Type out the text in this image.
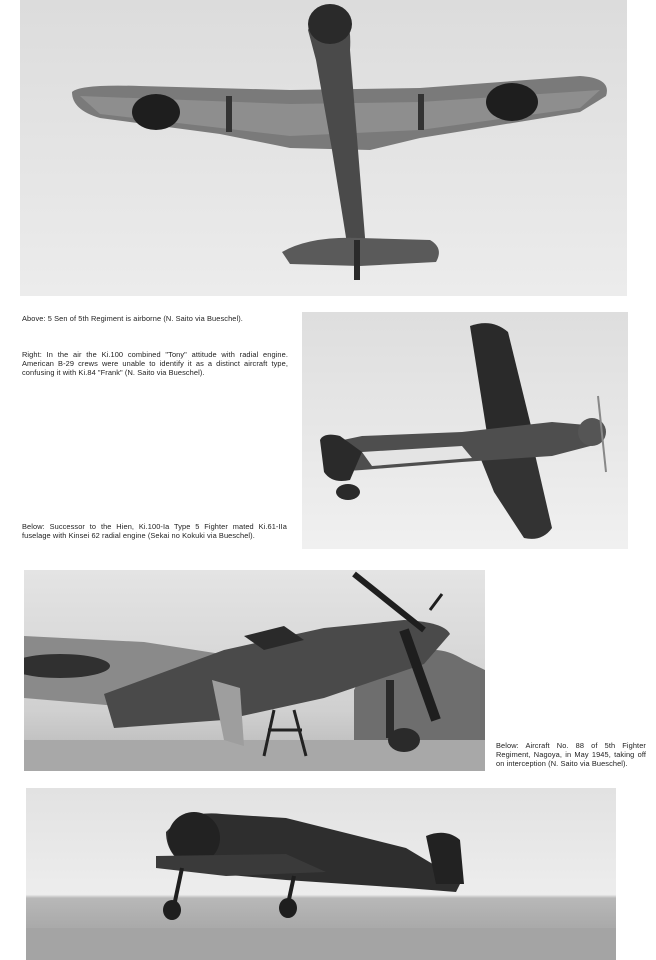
Above: 5 Sen of 5th Regiment is airborne (N. Saito via Bueschel).
Right: In the air the Ki.100 combined "Tony" attitude with radial engine. American B-29 crews were unable to identify it as a distinct aircraft type, confusing it with Ki.84 "Frank" (N. Saito via Bueschel).
Below: Successor to the Hien, Ki.100-Ia Type 5 Fighter mated Ki.61-IIa fuselage with Kinsei 62 radial engine (Sekai no Kokuki via Bueschel).
Below: Aircraft No. 88 of 5th Fighter Regiment, Nagoya, in May 1945, taking off on interception (N. Saito via Bueschel).
